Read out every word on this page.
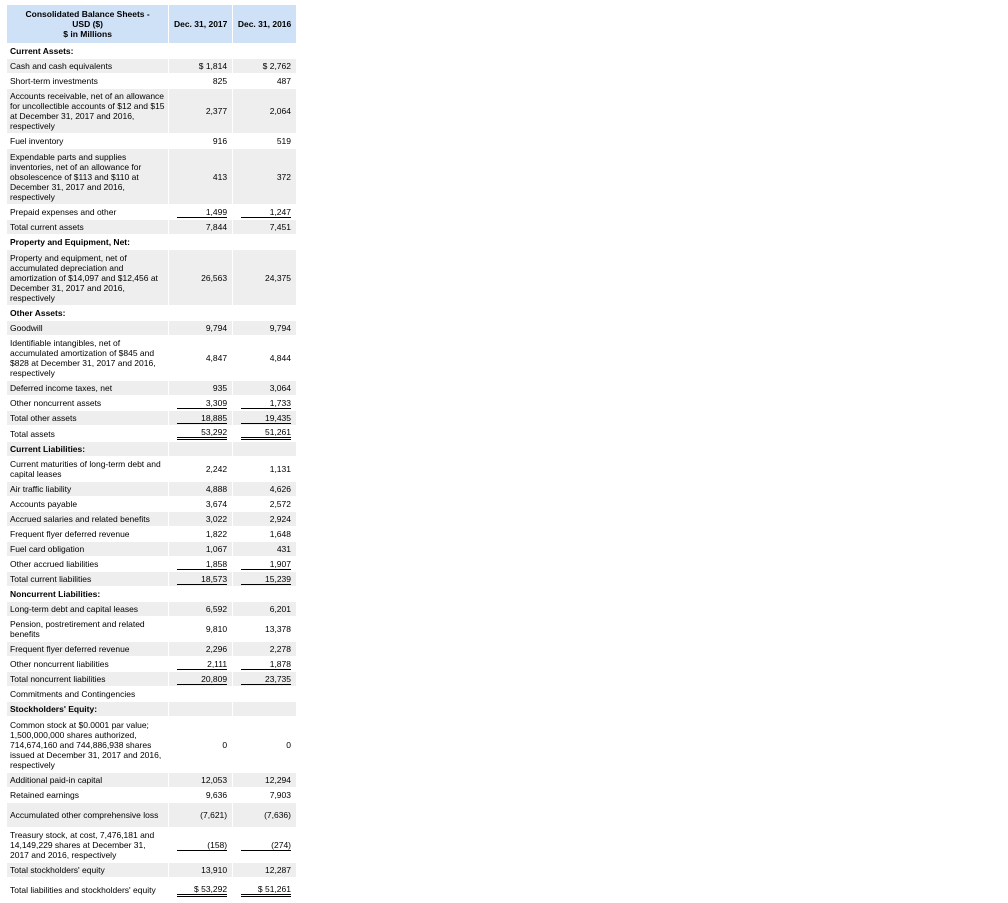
Consolidated Balance Sheets -
USD ($)
$ in Millions	Dec. 31, 2017	Dec. 31, 2016
Current Assets:		
Cash and cash equivalents	$ 1,814	$ 2,762
Short-term investments	825	487
Accounts receivable, net of an allowance for uncollectible accounts of $12 and $15 at December 31, 2017 and 2016, respectively	2,377	2,064
Fuel inventory	916	519
Expendable parts and supplies inventories, net of an allowance for obsolescence of $113 and $110 at December 31, 2017 and 2016, respectively	413	372
Prepaid expenses and other	1,499	1,247
Total current assets	7,844	7,451
Property and Equipment, Net:		
Property and equipment, net of accumulated depreciation and amortization of $14,097 and $12,456 at December 31, 2017 and 2016, respectively	26,563	24,375
Other Assets:		
Goodwill	9,794	9,794
Identifiable intangibles, net of accumulated amortization of $845 and $828 at December 31, 2017 and 2016, respectively	4,847	4,844
Deferred income taxes, net	935	3,064
Other noncurrent assets	3,309	1,733
Total other assets	18,885	19,435
Total assets	53,292	51,261
Current Liabilities:		
Current maturities of long-term debt and capital leases	2,242	1,131
Air traffic liability	4,888	4,626
Accounts payable	3,674	2,572
Accrued salaries and related benefits	3,022	2,924
Frequent flyer deferred revenue	1,822	1,648
Fuel card obligation	1,067	431
Other accrued liabilities	1,858	1,907
Total current liabilities	18,573	15,239
Noncurrent Liabilities:		
Long-term debt and capital leases	6,592	6,201
Pension, postretirement and related benefits	9,810	13,378
Frequent flyer deferred revenue	2,296	2,278
Other noncurrent liabilities	2,111	1,878
Total noncurrent liabilities	20,809	23,735
Commitments and Contingencies		
Stockholders' Equity:		
Common stock at $0.0001 par value; 1,500,000,000 shares authorized, 714,674,160 and 744,886,938 shares issued at December 31, 2017 and 2016, respectively	0	0
Additional paid-in capital	12,053	12,294
Retained earnings	9,636	7,903
Accumulated other comprehensive loss	(7,621)	(7,636)
Treasury stock, at cost, 7,476,181 and 14,149,229 shares at December 31, 2017 and 2016, respectively	(158)	(274)
Total stockholders' equity	13,910	12,287
Total liabilities and stockholders' equity	$ 53,292	$ 51,261
